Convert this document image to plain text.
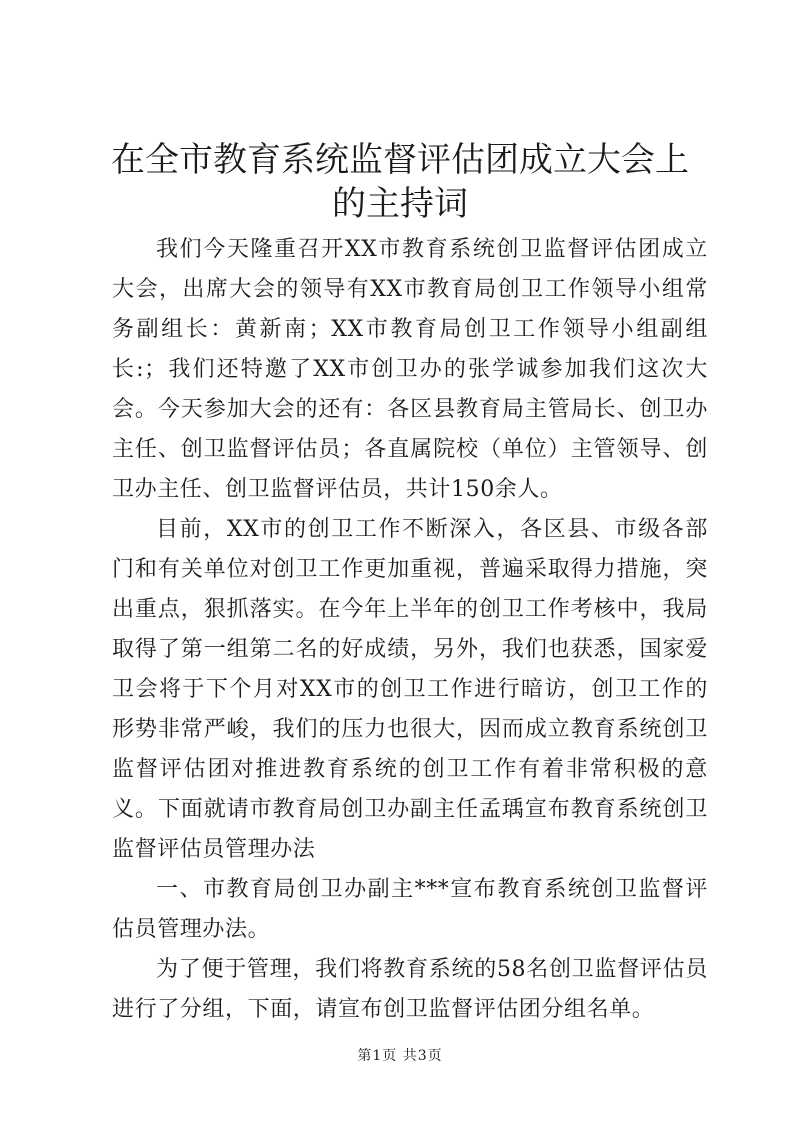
在全市教育系统监督评估团成立大会上的主持词

我们今天隆重召开XX市教育系统创卫监督评估团成立大会，出席大会的领导有XX市教育局创卫工作领导小组常务副组长：黄新南；XX市教育局创卫工作领导小组副组长:；我们还特邀了XX市创卫办的张学诚参加我们这次大会。今天参加大会的还有：各区县教育局主管局长、创卫办主任、创卫监督评估员；各直属院校（单位）主管领导、创卫办主任、创卫监督评估员，共计150余人。

目前，XX市的创卫工作不断深入，各区县、市级各部门和有关单位对创卫工作更加重视，普遍采取得力措施，突出重点，狠抓落实。在今年上半年的创卫工作考核中，我局取得了第一组第二名的好成绩，另外，我们也获悉，国家爱卫会将于下个月对XX市的创卫工作进行暗访，创卫工作的形势非常严峻，我们的压力也很大，因而成立教育系统创卫监督评估团对推进教育系统的创卫工作有着非常积极的意义。下面就请市教育局创卫办副主任孟瑀宣布教育系统创卫监督评估员管理办法

一、市教育局创卫办副主***宣布教育系统创卫监督评估员管理办法。

为了便于管理，我们将教育系统的58名创卫监督评估员进行了分组，下面，请宣布创卫监督评估团分组名单。

第1页 共3页
